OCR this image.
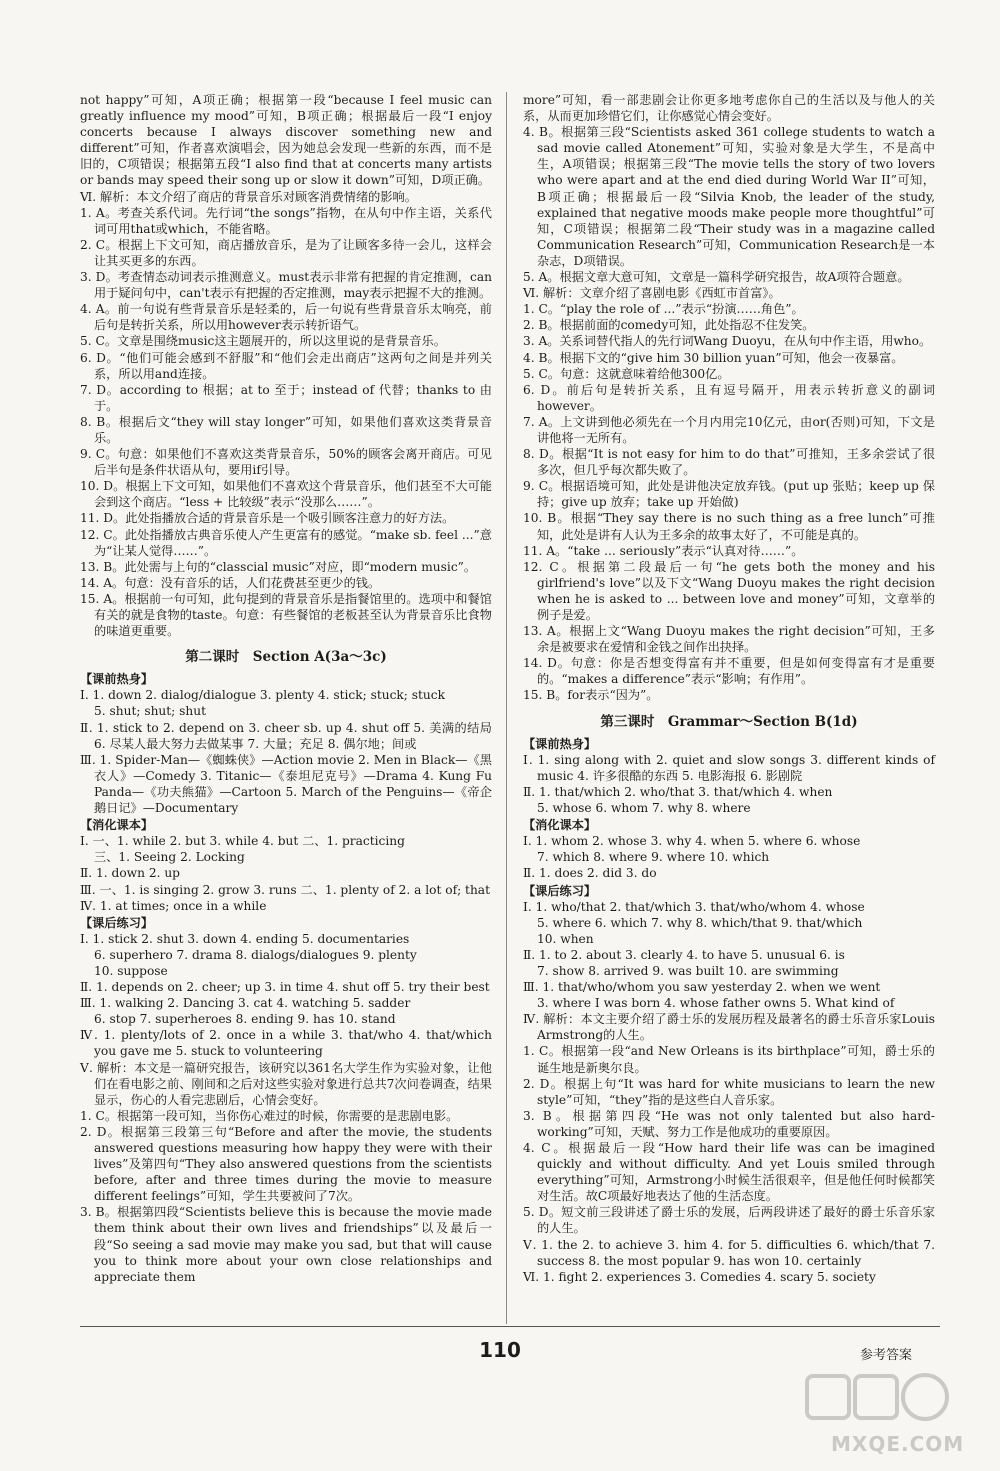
not happy”可知，A项正确；根据第一段“because I feel music can greatly influence my mood”可知，B项正确；根据最后一段“I enjoy concerts because I always discover something new and different”可知，作者喜欢演唱会，因为她总会发现一些新的东西，而不是旧的，C项错误；根据第五段“I also find that at concerts many artists or bands may speed their song up or slow it down”可知，D项正确。

Ⅵ. 解析：本文介绍了商店的背景音乐对顾客消费情绪的影响。

1. A。考查关系代词。先行词“the songs”指物，在从句中作主语，关系代词可用that或which，不能省略。

2. C。根据上下文可知，商店播放音乐，是为了让顾客多待一会儿，这样会让其买更多的东西。

3. D。考查情态动词表示推测意义。must表示非常有把握的肯定推测，can用于疑问句中，can't表示有把握的否定推测，may表示把握不大的推测。

4. A。前一句说有些背景音乐是轻柔的，后一句说有些背景音乐太响亮，前后句是转折关系，所以用however表示转折语气。

5. C。文章是围绕music这主题展开的，所以这里说的是背景音乐。

6. D。“他们可能会感到不舒服”和“他们会走出商店”这两句之间是并列关系，所以用and连接。

7. D。according to 根据；at to 至于；instead of 代替；thanks to 由于。

8. B。根据后文“they will stay longer”可知，如果他们喜欢这类背景音乐。

9. C。句意：如果他们不喜欢这类背景音乐，50%的顾客会离开商店。可见后半句是条件状语从句，要用if引导。

10. D。根据上下文可知，如果他们不喜欢这个背景音乐，他们甚至不大可能会到这个商店。“less + 比较级”表示“没那么……”。

11. D。此处指播放合适的背景音乐是一个吸引顾客注意力的好方法。

12. C。此处指播放古典音乐使人产生更富有的感觉。“make sb. feel ...”意为“让某人觉得……”。

13. B。此处需与上句的“classcial music”对应，即“modern music”。

14. A。句意：没有音乐的话，人们花费甚至更少的钱。

15. A。根据前一句可知，此句提到的背景音乐是指餐馆里的。选项中和餐馆有关的就是食物的taste。句意：有些餐馆的老板甚至认为背景音乐比食物的味道更重要。

第二课时　Section A(3a～3c)

【课前热身】

Ⅰ. 1. down 2. dialog/dialogue 3. plenty 4. stick; stuck; stuck

5. shut; shut; shut

Ⅱ. 1. stick to 2. depend on 3. cheer sb. up 4. shut off 5. 美满的结局 6. 尽某人最大努力去做某事 7. 大量；充足 8. 偶尔地；间或

Ⅲ. 1. Spider-Man—《蜘蛛侠》—Action movie 2. Men in Black—《黑衣人》—Comedy 3. Titanic—《泰坦尼克号》—Drama 4. Kung Fu Panda—《功夫熊猫》—Cartoon 5. March of the Penguins—《帝企鹅日记》—Documentary

【消化课本】

Ⅰ. 一、1. while 2. but 3. while 4. but 二、1. practicing

三、1. Seeing 2. Locking

Ⅱ. 1. down 2. up

Ⅲ. 一、1. is singing 2. grow 3. runs 二、1. plenty of 2. a lot of; that

Ⅳ. 1. at times; once in a while

【课后练习】

Ⅰ. 1. stick 2. shut 3. down 4. ending 5. documentaries

6. superhero 7. drama 8. dialogs/dialogues 9. plenty

10. suppose

Ⅱ. 1. depends on 2. cheer; up 3. in time 4. shut off 5. try their best

Ⅲ. 1. walking 2. Dancing 3. cat 4. watching 5. sadder

6. stop 7. superheroes 8. ending 9. has 10. stand

Ⅳ. 1. plenty/lots of 2. once in a while 3. that/who 4. that/which you gave me 5. stuck to volunteering

Ⅴ. 解析：本文是一篇研究报告，该研究以361名大学生作为实验对象，让他们在看电影之前、刚间和之后对这些实验对象进行总共7次问卷调查，结果显示，伤心的人看完悲剧后，心情会变好。

1. C。根据第一段可知，当你伤心难过的时候，你需要的是悲剧电影。

2. D。根据第三段第三句“Before and after the movie, the students answered questions measuring how happy they were with their lives”及第四句“They also answered questions from the scientists before, after and three times during the movie to measure different feelings”可知，学生共要被问了7次。

3. B。根据第四段“Scientists believe this is because the movie made them think about their own lives and friendships”以及最后一段“So seeing a sad movie may make you sad, but that will cause you to think more about your own close relationships and appreciate them

more”可知，看一部悲剧会让你更多地考虑你自己的生活以及与他人的关系，从而更加珍惜它们，让你感觉心情会变好。

4. B。根据第三段“Scientists asked 361 college students to watch a sad movie called Atonement”可知，实验对象是大学生，不是高中生，A项错误；根据第三段“The movie tells the story of two lovers who were apart and at the end died during World War II”可知，B项正确；根据最后一段“Silvia Knob, the leader of the study, explained that negative moods make people more thoughtful”可知，C项错误；根据第二段“Their study was in a magazine called Communication Research”可知，Communication Research是一本杂志，D项错误。

5. A。根据文章大意可知，文章是一篇科学研究报告，故A项符合题意。

Ⅵ. 解析：文章介绍了喜剧电影《西虹市首富》。

1. C。“play the role of ...”表示“扮演……角色”。

2. B。根据前面的comedy可知，此处指忍不住发笑。

3. A。关系词替代指人的先行词Wang Duoyu，在从句中作主语，用who。

4. B。根据下文的“give him 30 billion yuan”可知，他会一夜暴富。

5. C。句意：这就意味着给他300亿。

6. D。前后句是转折关系，且有逗号隔开，用表示转折意义的副词however。

7. A。上文讲到他必须先在一个月内用完10亿元，由or(否则)可知，下文是讲他将一无所有。

8. D。根据“It is not easy for him to do that”可推知，王多余尝试了很多次，但几乎每次都失败了。

9. C。根据语境可知，此处是讲他决定放弃钱。(put up 张贴；keep up 保持；give up 放弃；take up 开始做)

10. B。根据“They say there is no such thing as a free lunch”可推知，此处是讲有人认为王多余的故事太好了，不可能是真的。

11. A。“take ... seriously”表示“认真对待……”。

12. C。根据第二段最后一句“he gets both the money and his girlfriend's love”以及下文“Wang Duoyu makes the right decision when he is asked to ... between love and money”可知，文章举的例子是爱。

13. A。根据上文“Wang Duoyu makes the right decision”可知，王多余是被要求在爱情和金钱之间作出抉择。

14. D。句意：你是否想变得富有并不重要，但是如何变得富有才是重要的。“makes a difference”表示“影响；有作用”。

15. B。for表示“因为”。

第三课时　Grammar～Section B(1d)

【课前热身】

Ⅰ. 1. sing along with 2. quiet and slow songs 3. different kinds of music 4. 许多很酷的东西 5. 电影海报 6. 影剧院

Ⅱ. 1. that/which 2. who/that 3. that/which 4. when

5. whose 6. whom 7. why 8. where

【消化课本】

Ⅰ. 1. whom 2. whose 3. why 4. when 5. where 6. whose

7. which 8. where 9. where 10. which

Ⅱ. 1. does 2. did 3. do

【课后练习】

Ⅰ. 1. who/that 2. that/which 3. that/who/whom 4. whose

5. where 6. which 7. why 8. which/that 9. that/which

10. when

Ⅱ. 1. to 2. about 3. clearly 4. to have 5. unusual 6. is

7. show 8. arrived 9. was built 10. are swimming

Ⅲ. 1. that/who/whom you saw yesterday 2. when we went

3. where I was born 4. whose father owns 5. What kind of

Ⅳ. 解析：本文主要介绍了爵士乐的发展历程及最著名的爵士乐音乐家Louis Armstrong的人生。

1. C。根据第一段“and New Orleans is its birthplace”可知，爵士乐的诞生地是新奥尔良。

2. D。根据上句“It was hard for white musicians to learn the new style”可知，“they”指的是这些白人音乐家。

3. B。根据第四段“He was not only talented but also hard-working”可知，天赋、努力工作是他成功的重要原因。

4. C。根据最后一段“How hard their life was can be imagined quickly and without difficulty. And yet Louis smiled through everything”可知，Armstrong小时候生活很艰辛，但是他任何时候都笑对生活。故C项最好地表达了他的生活态度。

5. D。短文前三段讲述了爵士乐的发展，后两段讲述了最好的爵士乐音乐家的人生。

Ⅴ. 1. the 2. to achieve 3. him 4. for 5. difficulties 6. which/that 7. success 8. the most popular 9. has won 10. certainly

Ⅵ. 1. fight 2. experiences 3. Comedies 4. scary 5. society

110	参考答案
MXQE.COM
